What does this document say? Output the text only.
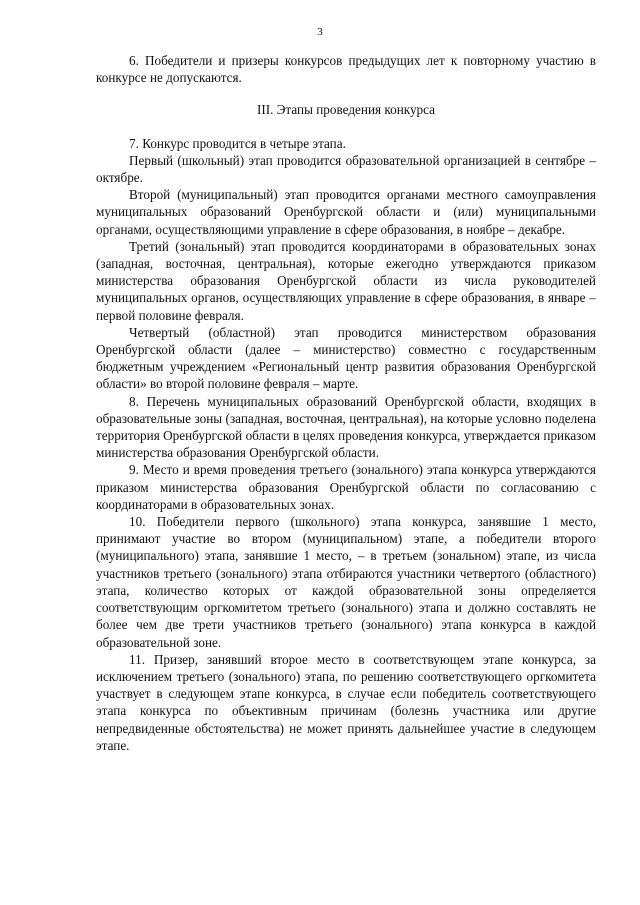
3

6. Победители и призеры конкурсов предыдущих лет к повторному участию в конкурсе не допускаются.

III. Этапы проведения конкурса

7. Конкурс проводится в четыре этапа.

Первый (школьный) этап проводится образовательной организацией в сентябре – октябре.

Второй (муниципальный) этап проводится органами местного самоуправления муниципальных образований Оренбургской области и (или) муниципальными органами, осуществляющими управление в сфере образования, в ноябре – декабре.

Третий (зональный) этап проводится координаторами в образовательных зонах (западная, восточная, центральная), которые ежегодно утверждаются приказом министерства образования Оренбургской области из числа руководителей муниципальных органов, осуществляющих управление в сфере образования, в январе – первой половине февраля.

Четвертый (областной) этап проводится министерством образования Оренбургской области (далее – министерство) совместно с государственным бюджетным учреждением «Региональный центр развития образования Оренбургской области» во второй половине февраля – марте.

8. Перечень муниципальных образований Оренбургской области, входящих в образовательные зоны (западная, восточная, центральная), на которые условно поделена территория Оренбургской области в целях проведения конкурса, утверждается приказом министерства образования Оренбургской области.

9. Место и время проведения третьего (зонального) этапа конкурса утверждаются приказом министерства образования Оренбургской области по согласованию с координаторами в образовательных зонах.

10. Победители первого (школьного) этапа конкурса, занявшие 1 место, принимают участие во втором (муниципальном) этапе, а победители второго (муниципального) этапа, занявшие 1 место, – в третьем (зональном) этапе, из числа участников третьего (зонального) этапа отбираются участники четвертого (областного) этапа, количество которых от каждой образовательной зоны определяется соответствующим оргкомитетом третьего (зонального) этапа и должно составлять не более чем две трети участников третьего (зонального) этапа конкурса в каждой образовательной зоне.

11. Призер, занявший второе место в соответствующем этапе конкурса, за исключением третьего (зонального) этапа, по решению соответствующего оргкомитета участвует в следующем этапе конкурса, в случае если победитель соответствующего этапа конкурса по объективным причинам (болезнь участника или другие непредвиденные обстоятельства) не может принять дальнейшее участие в следующем этапе.
